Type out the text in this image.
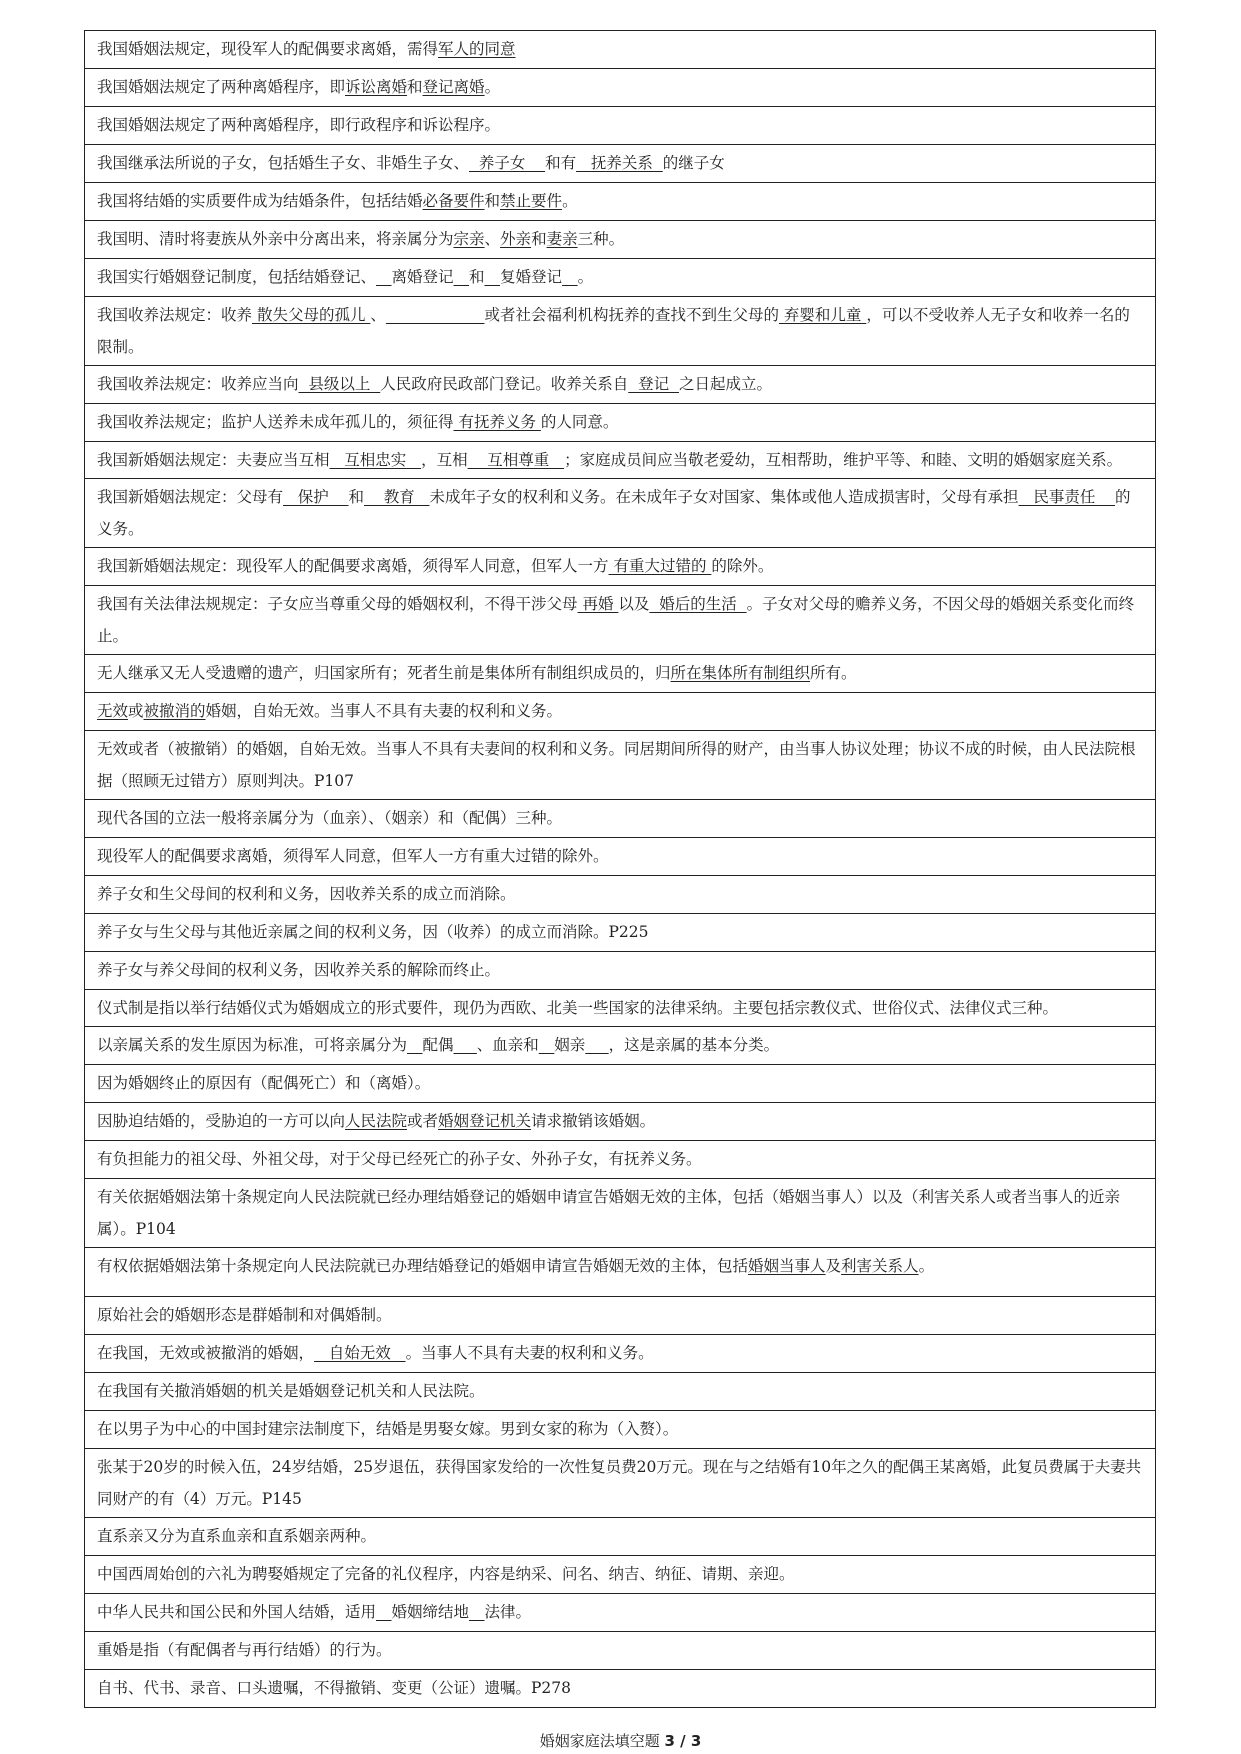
我国婚姻法规定，现役军人的配偶要求离婚，需得军人的同意
我国婚姻法规定了两种离婚程序，即诉讼离婚和登记离婚。
我国婚姻法规定了两种离婚程序，即行政程序和诉讼程序。
我国继承法所说的子女，包括婚生子女、非婚生子女、  养子女    和有   抚养关系  的继子女
我国将结婚的实质要件成为结婚条件，包括结婚必备要件和禁止要件。
我国明、清时将妻族从外亲中分离出来，将亲属分为宗亲、外亲和妻亲三种。
我国实行婚姻登记制度，包括结婚登记、__离婚登记__和__复婚登记__。
我国收养法规定：收养 散失父母的孤儿 、	或者社会福利机构抚养的查找不到生父母的 弃婴和儿童 ，可以不受收养人无子女和收养一名的限制。
我国收养法规定：收养应当向  县级以上  人民政府民政部门登记。收养关系自  登记  之日起成立。
我国收养法规定；监护人送养未成年孤儿的，须征得 有抚养义务 的人同意。
我国新婚姻法规定：夫妻应当互相   互相忠实   ，互相    互相尊重   ；家庭成员间应当敬老爱幼，互相帮助，维护平等、和睦、文明的婚姻家庭关系。
我国新婚姻法规定：父母有   保护    和    教育   未成年子女的权利和义务。在未成年子女对国家、集体或他人造成损害时，父母有承担   民事责任    的义务。
我国新婚姻法规定：现役军人的配偶要求离婚，须得军人同意，但军人一方 有重大过错的 的除外。
我国有关法律法规规定：子女应当尊重父母的婚姻权利，不得干涉父母 再婚 以及  婚后的生活  。子女对父母的赡养义务，不因父母的婚姻关系变化而终止。
无人继承又无人受遗赠的遗产，归国家所有；死者生前是集体所有制组织成员的，归所在集体所有制组织所有。
无效或被撤消的婚姻，自始无效。当事人不具有夫妻的权利和义务。
无效或者（被撤销）的婚姻，自始无效。当事人不具有夫妻间的权利和义务。同居期间所得的财产，由当事人协议处理；协议不成的时候，由人民法院根据（照顾无过错方）原则判决。P107
现代各国的立法一般将亲属分为（血亲）、（姻亲）和（配偶）三种。
现役军人的配偶要求离婚，须得军人同意，但军人一方有重大过错的除外。
养子女和生父母间的权利和义务，因收养关系的成立而消除。
养子女与生父母与其他近亲属之间的权利义务，因（收养）的成立而消除。P225
养子女与养父母间的权利义务，因收养关系的解除而终止。
仪式制是指以举行结婚仪式为婚姻成立的形式要件，现仍为西欧、北美一些国家的法律采纳。主要包括宗教仪式、世俗仪式、法律仪式三种。
以亲属关系的发生原因为标准，可将亲属分为__配偶___、血亲和__姻亲___，这是亲属的基本分类。
因为婚姻终止的原因有（配偶死亡）和（离婚）。
因胁迫结婚的，受胁迫的一方可以向人民法院或者婚姻登记机关请求撤销该婚姻。
有负担能力的祖父母、外祖父母，对于父母已经死亡的孙子女、外孙子女，有抚养义务。
有关依据婚姻法第十条规定向人民法院就已经办理结婚登记的婚姻申请宣告婚姻无效的主体，包括（婚姻当事人）以及（利害关系人或者当事人的近亲属）。P104
有权依据婚姻法第十条规定向人民法院就已办理结婚登记的婚姻申请宣告婚姻无效的主体，包括婚姻当事人及利害关系人。
原始社会的婚姻形态是群婚制和对偶婚制。
在我国，无效或被撤消的婚姻，   自始无效   。当事人不具有夫妻的权利和义务。
在我国有关撤消婚姻的机关是婚姻登记机关和人民法院。
在以男子为中心的中国封建宗法制度下，结婚是男娶女嫁。男到女家的称为（入赘）。
张某于20岁的时候入伍，24岁结婚，25岁退伍，获得国家发给的一次性复员费20万元。现在与之结婚有10年之久的配偶王某离婚，此复员费属于夫妻共同财产的有（4）万元。P145
直系亲又分为直系血亲和直系姻亲两种。
中国西周始创的六礼为聘娶婚规定了完备的礼仪程序，内容是纳采、问名、纳吉、纳征、请期、亲迎。
中华人民共和国公民和外国人结婚，适用__婚姻缔结地__法律。
重婚是指（有配偶者与再行结婚）的行为。
自书、代书、录音、口头遗嘱，不得撤销、变更（公证）遗嘱。P278
婚姻家庭法填空题 3 / 3
